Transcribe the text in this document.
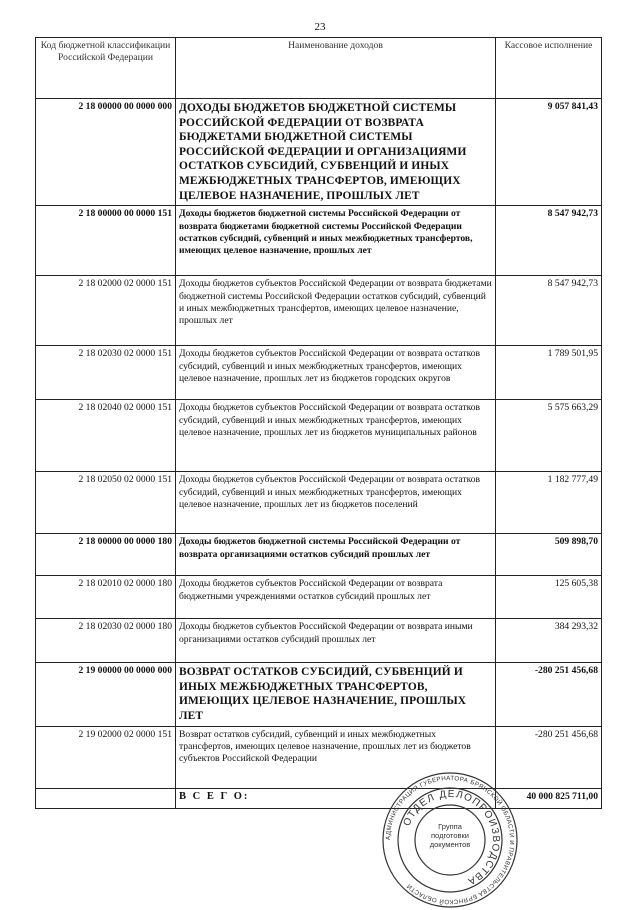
23
Код бюджетной классификации Российской Федерации	Наименование доходов	Кассовое исполнение
2 18 00000 00 0000 000	ДОХОДЫ БЮДЖЕТОВ БЮДЖЕТНОЙ СИСТЕМЫ РОССИЙСКОЙ ФЕДЕРАЦИИ ОТ ВОЗВРАТА БЮДЖЕТАМИ БЮДЖЕТНОЙ СИСТЕМЫ РОССИЙСКОЙ ФЕДЕРАЦИИ И ОРГАНИЗАЦИЯМИ ОСТАТКОВ СУБСИДИЙ, СУБВЕНЦИЙ И ИНЫХ МЕЖБЮДЖЕТНЫХ ТРАНСФЕРТОВ, ИМЕЮЩИХ ЦЕЛЕВОЕ НАЗНАЧЕНИЕ, ПРОШЛЫХ ЛЕТ	9 057 841,43
2 18 00000 00 0000 151	Доходы бюджетов бюджетной системы Российской Федерации от возврата бюджетами бюджетной системы Российской Федерации остатков субсидий, субвенций и иных межбюджетных трансфертов, имеющих целевое назначение, прошлых лет	8 547 942,73
2 18 02000 02 0000 151	Доходы бюджетов субъектов Российской Федерации от возврата бюджетами бюджетной системы Российской Федерации остатков субсидий, субвенций и иных межбюджетных трансфертов, имеющих целевое назначение, прошлых лет	8 547 942,73
2 18 02030 02 0000 151	Доходы бюджетов субъектов Российской Федерации от возврата остатков субсидий, субвенций и иных межбюджетных трансфертов, имеющих целевое назначение, прошлых лет из бюджетов городских округов	1 789 501,95
2 18 02040 02 0000 151	Доходы бюджетов субъектов Российской Федерации от возврата остатков субсидий, субвенций и иных межбюджетных трансфертов, имеющих целевое назначение, прошлых лет из бюджетов муниципальных районов	5 575 663,29
2 18 02050 02 0000 151	Доходы бюджетов субъектов Российской Федерации от возврата остатков субсидий, субвенций и иных межбюджетных трансфертов, имеющих целевое назначение, прошлых лет из бюджетов поселений	1 182 777,49
2 18 00000 00 0000 180	Доходы бюджетов бюджетной системы Российской Федерации от возврата организациями остатков субсидий прошлых лет	509 898,70
2 18 02010 02 0000 180	Доходы бюджетов субъектов Российской Федерации от возврата бюджетными учреждениями остатков субсидий прошлых лет	125 605,38
2 18 02030 02 0000 180	Доходы бюджетов субъектов Российской Федерации от возврата иными организациями остатков субсидий прошлых лет	384 293,32
2 19 00000 00 0000 000	ВОЗВРАТ ОСТАТКОВ СУБСИДИЙ, СУБВЕНЦИЙ И ИНЫХ МЕЖБЮДЖЕТНЫХ ТРАНСФЕРТОВ, ИМЕЮЩИХ ЦЕЛЕВОЕ НАЗНАЧЕНИЕ, ПРОШЛЫХ ЛЕТ	-280 251 456,68
2 19 02000 02 0000 151	Возврат остатков субсидий, субвенций и иных межбюджетных трансфертов, имеющих целевое назначение, прошлых лет из бюджетов субъектов Российской Федерации	-280 251 456,68
	В С Е Г О:	40 000 825 711,00
АДМИНИСТРАЦИЯ ГУБЕРНАТОРА БРЯНСКОЙ ОБЛАСТИ И ПРАВИТЕЛЬСТВА БРЯНСКОЙ ОБЛАСТИ
ОТДЕЛ ДЕЛОПРОИЗВОДСТВА
Группа подготовки документов
